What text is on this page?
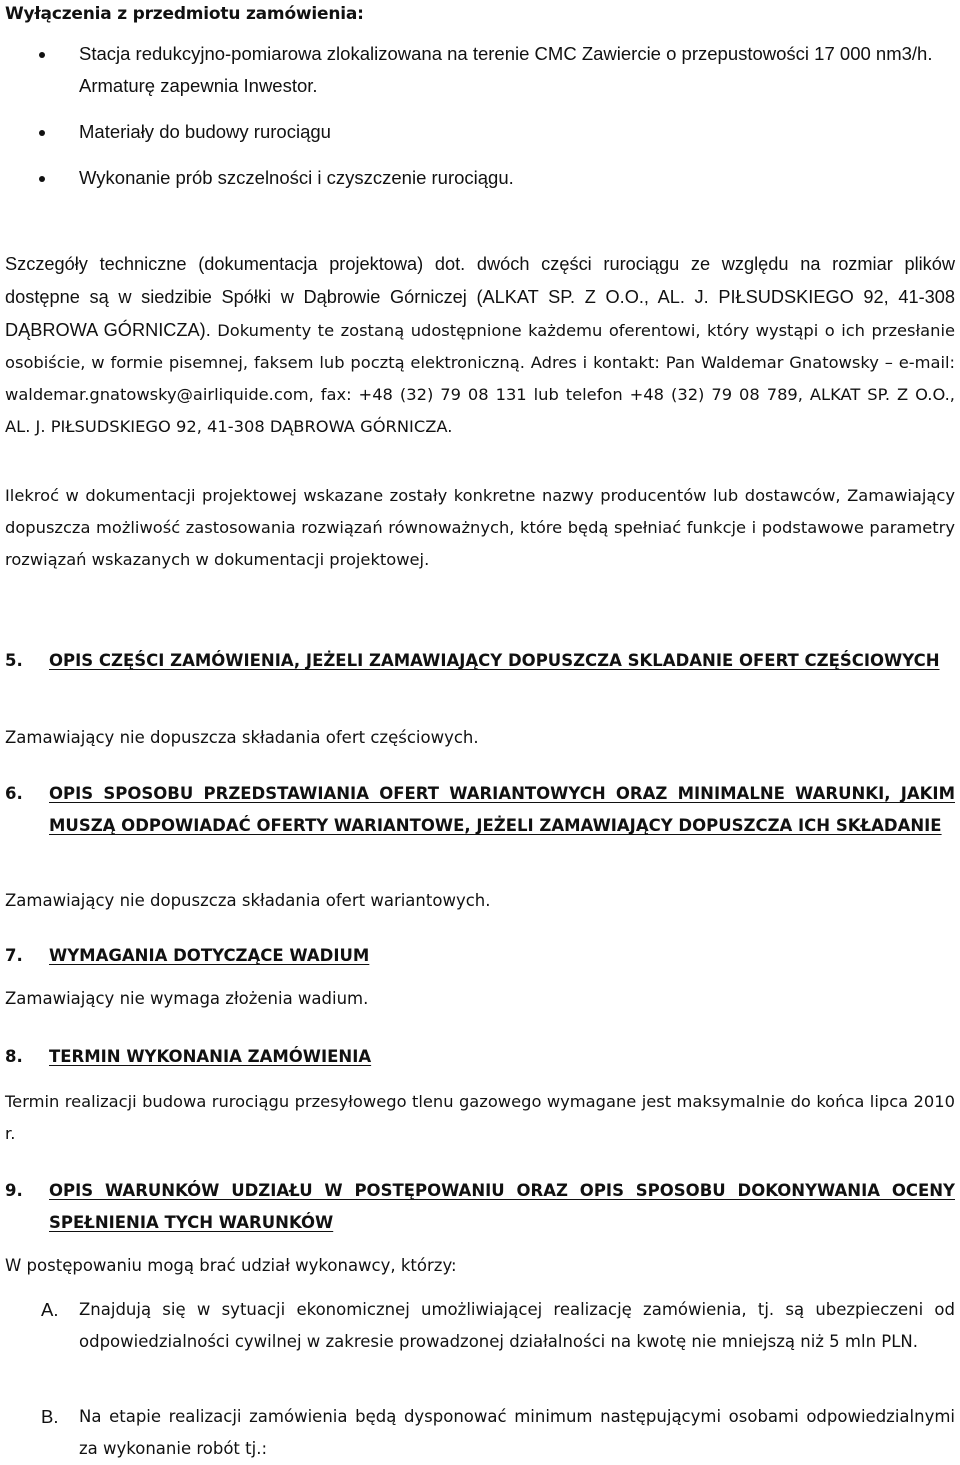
Wyłączenia z przedmiotu zamówienia:
Stacja redukcyjno-pomiarowa zlokalizowana na terenie CMC Zawiercie o przepustowości 17 000 nm3/h. Armaturę zapewnia Inwestor.
Materiały do budowy rurociągu
Wykonanie prób szczelności i czyszczenie rurociągu.
Szczegóły techniczne (dokumentacja projektowa) dot. dwóch części rurociągu ze względu na rozmiar plików dostępne są w siedzibie Spółki w Dąbrowie Górniczej (ALKAT SP. Z O.O., AL. J. PIŁSUDSKIEGO 92, 41-308 DĄBROWA GÓRNICZA). Dokumenty te zostaną udostępnione każdemu oferentowi, który wystąpi o ich przesłanie osobiście, w formie pisemnej, faksem lub pocztą elektroniczną. Adres i kontakt: Pan Waldemar Gnatowsky – e-mail: waldemar.gnatowsky@airliquide.com, fax: +48 (32) 79 08 131 lub telefon +48 (32) 79 08 789, ALKAT SP. Z O.O., AL. J. PIŁSUDSKIEGO 92, 41-308 DĄBROWA GÓRNICZA.
Ilekroć w dokumentacji projektowej wskazane zostały konkretne nazwy producentów lub dostawców, Zamawiający dopuszcza możliwość zastosowania rozwiązań równoważnych, które będą spełniać funkcje i podstawowe parametry rozwiązań wskazanych w dokumentacji projektowej.
5.	OPIS CZĘŚCI ZAMÓWIENIA, JEŻELI ZAMAWIAJĄCY DOPUSZCZA SKLADANIE OFERT CZĘŚCIOWYCH
Zamawiający nie dopuszcza składania ofert częściowych.
6.	OPIS SPOSOBU PRZEDSTAWIANIA OFERT WARIANTOWYCH ORAZ MINIMALNE WARUNKI, JAKIM MUSZĄ ODPOWIADAĆ OFERTY WARIANTOWE, JEŻELI ZAMAWIAJĄCY DOPUSZCZA ICH SKŁADANIE
Zamawiający nie dopuszcza składania ofert wariantowych.
7.	WYMAGANIA DOTYCZĄCE WADIUM
Zamawiający nie wymaga złożenia wadium.
8.	TERMIN WYKONANIA ZAMÓWIENIA
Termin realizacji budowa rurociągu przesyłowego tlenu gazowego wymagane jest maksymalnie do końca lipca 2010 r.
9.	OPIS WARUNKÓW UDZIAŁU W POSTĘPOWANIU ORAZ OPIS SPOSOBU DOKONYWANIA OCENY SPEŁNIENIA TYCH WARUNKÓW
W postępowaniu mogą brać udział wykonawcy, którzy:
A.	Znajdują się w sytuacji ekonomicznej umożliwiającej realizację zamówienia, tj. są ubezpieczeni od odpowiedzialności cywilnej w zakresie prowadzonej działalności na kwotę nie mniejszą niż 5 mln PLN.
B.	Na etapie realizacji zamówienia będą dysponować minimum następującymi osobami odpowiedzialnymi za wykonanie robót tj.:
